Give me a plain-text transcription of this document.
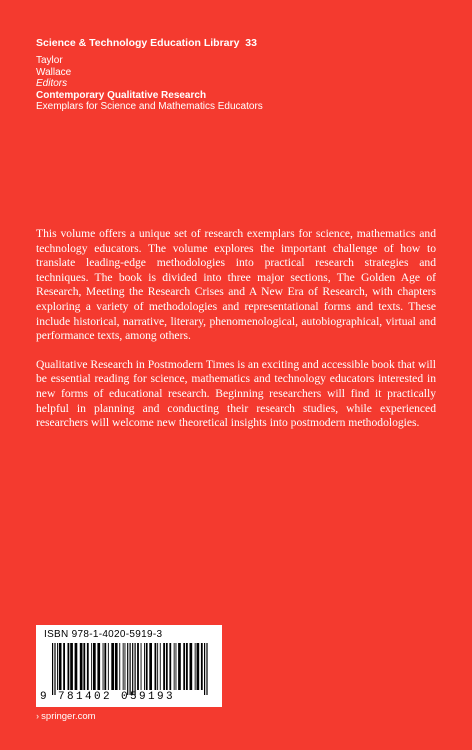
Science & Technology Education Library 33
Taylor
Wallace
Editors
Contemporary Qualitative Research
Exemplars for Science and Mathematics Educators

This volume offers a unique set of research exemplars for science, mathematics and technology educators. The volume explores the important challenge of how to translate leading-edge methodologies into practical research strategies and techniques. The book is divided into three major sections, The Golden Age of Research, Meeting the Research Crises and A New Era of Research, with chapters exploring a variety of methodologies and representational forms and texts. These include historical, narrative, literary, phenomenological, autobiographical, virtual and performance texts, among others.

Qualitative Research in Postmodern Times is an exciting and accessible book that will be essential reading for science, mathematics and technology educators interested in new forms of educational research. Beginning researchers will find it practically helpful in planning and conducting their research studies, while experienced researchers will welcome new theoretical insights into postmodern methodologies.

ISBN 978-1-4020-5919-3
9 781402 059193
› springer.com
